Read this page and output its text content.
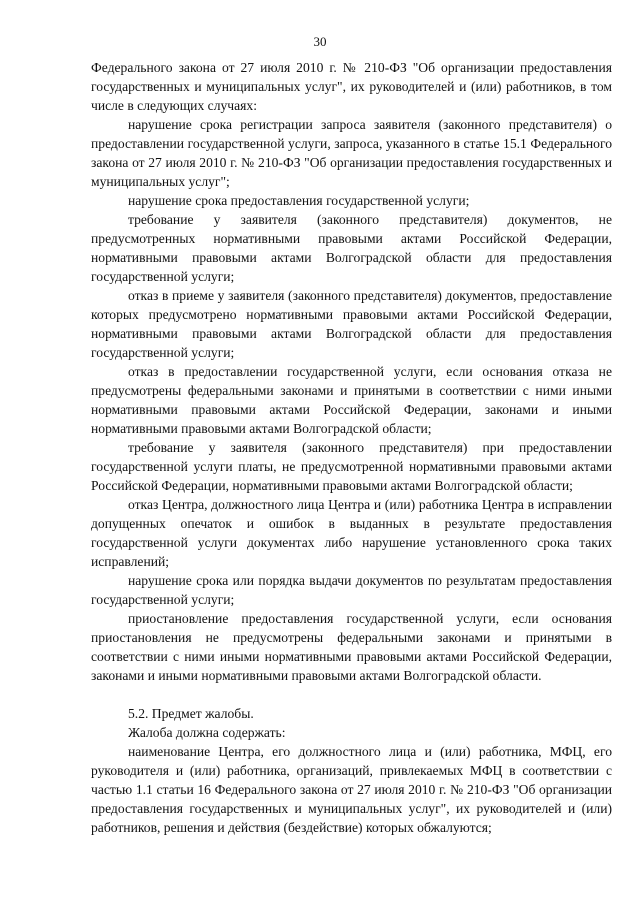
30

Федерального закона от 27 июля 2010 г. № 210-ФЗ "Об организации предоставления государственных и муниципальных услуг", их руководителей и (или) работников, в том числе в следующих случаях:

нарушение срока регистрации запроса заявителя (законного представителя) о предоставлении государственной услуги, запроса, указанного в статье 15.1 Федерального закона от 27 июля 2010 г. № 210-ФЗ "Об организации предоставления государственных и муниципальных услуг";

нарушение срока предоставления государственной услуги;

требование у заявителя (законного представителя) документов, не предусмотренных нормативными правовыми актами Российской Федерации, нормативными правовыми актами Волгоградской области для предоставления государственной услуги;

отказ в приеме у заявителя (законного представителя) документов, предоставление которых предусмотрено нормативными правовыми актами Российской Федерации, нормативными правовыми актами Волгоградской области для предоставления государственной услуги;

отказ в предоставлении государственной услуги, если основания отказа не предусмотрены федеральными законами и принятыми в соответствии с ними иными нормативными правовыми актами Российской Федерации, законами и иными нормативными правовыми актами Волгоградской области;

требование у заявителя (законного представителя) при предоставлении государственной услуги платы, не предусмотренной нормативными правовыми актами Российской Федерации, нормативными правовыми актами Волгоградской области;

отказ Центра, должностного лица Центра и (или) работника Центра в исправлении допущенных опечаток и ошибок в выданных в результате предоставления государственной услуги документах либо нарушение установленного срока таких исправлений;

нарушение срока или порядка выдачи документов по результатам предоставления государственной услуги;

приостановление предоставления государственной услуги, если основания приостановления не предусмотрены федеральными законами и принятыми в соответствии с ними иными нормативными правовыми актами Российской Федерации, законами и иными нормативными правовыми актами Волгоградской области.

5.2. Предмет жалобы.

Жалоба должна содержать:

наименование Центра, его должностного лица и (или) работника, МФЦ, его руководителя и (или) работника, организаций, привлекаемых МФЦ в соответствии с частью 1.1 статьи 16 Федерального закона от 27 июля 2010 г. № 210-ФЗ "Об организации предоставления государственных и муниципальных услуг", их руководителей и (или) работников, решения и действия (бездействие) которых обжалуются;
